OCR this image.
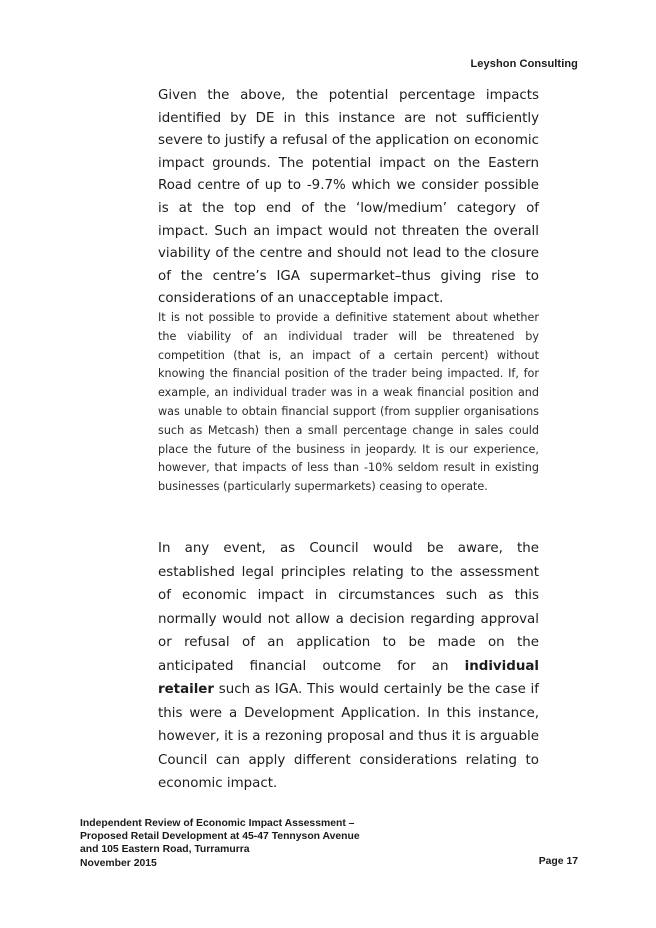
Leyshon Consulting

Given the above, the potential percentage impacts identified by DE in this instance are not sufficiently severe to justify a refusal of the application on economic impact grounds. The potential impact on the Eastern Road centre of up to -9.7% which we consider possible is at the top end of the ‘low/medium’ category of impact. Such an impact would not threaten the overall viability of the centre and should not lead to the closure of the centre’s IGA supermarket–thus giving rise to considerations of an unacceptable impact.

It is not possible to provide a definitive statement about whether the viability of an individual trader will be threatened by competition (that is, an impact of a certain percent) without knowing the financial position of the trader being impacted. If, for example, an individual trader was in a weak financial position and was unable to obtain financial support (from supplier organisations such as Metcash) then a small percentage change in sales could place the future of the business in jeopardy. It is our experience, however, that impacts of less than -10% seldom result in existing businesses (particularly supermarkets) ceasing to operate.

In any event, as Council would be aware, the established legal principles relating to the assessment of economic impact in circumstances such as this normally would not allow a decision regarding approval or refusal of an application to be made on the anticipated financial outcome for an individual retailer such as IGA. This would certainly be the case if this were a Development Application. In this instance, however, it is a rezoning proposal and thus it is arguable Council can apply different considerations relating to economic impact.

Independent Review of Economic Impact Assessment –
Proposed Retail Development at 45-47 Tennyson Avenue
and 105 Eastern Road, Turramurra
November 2015	Page 17
